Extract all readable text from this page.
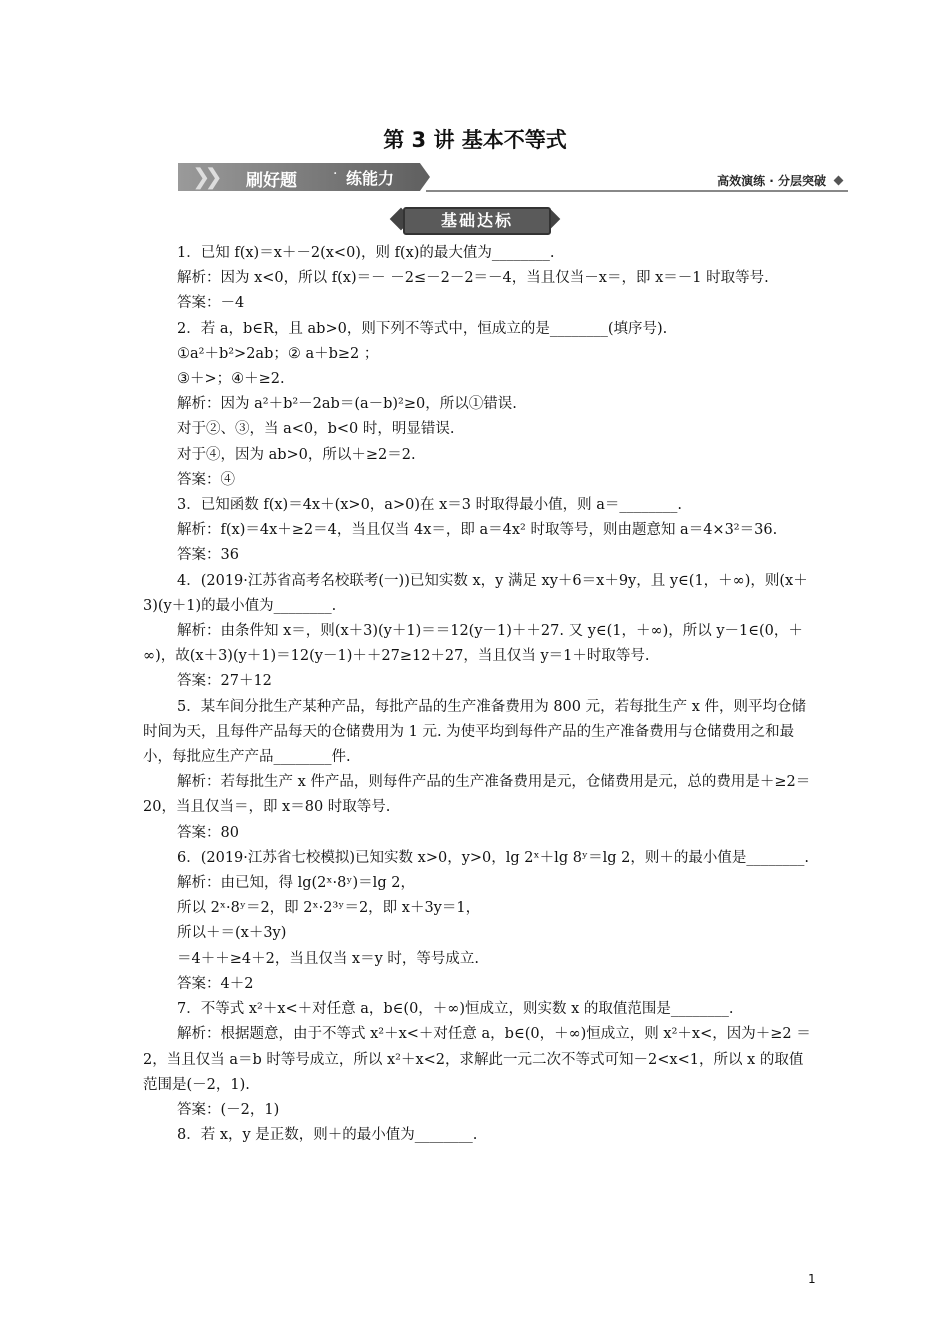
第 3 讲 基本不等式
❯❯ 刷好题	· 练能力	高效演练 · 分层突破
基础达标

1．已知 f(x)＝x＋－2(x<0)，则 f(x)的最大值为________.

解析：因为 x<0，所以 f(x)＝－ －2≤－2－2＝－4，当且仅当－x＝，即 x＝－1 时取等号.

答案：－4

2．若 a，b∈R，且 ab>0，则下列不等式中，恒成立的是________(填序号).

①a²＋b²>2ab；② a＋b≥2 ；

③＋>；④＋≥2.

解析：因为 a²＋b²－2ab＝(a－b)²≥0，所以①错误.

对于②、③，当 a<0，b<0 时，明显错误.

对于④，因为 ab>0，所以＋≥2＝2.

答案：④

3．已知函数 f(x)＝4x＋(x>0，a>0)在 x＝3 时取得最小值，则 a＝________.

解析：f(x)＝4x＋≥2＝4，当且仅当 4x＝，即 a＝4x² 时取等号，则由题意知 a＝4×3²＝36.

答案：36

4．(2019·江苏省高考名校联考(一))已知实数 x，y 满足 xy＋6＝x＋9y，且 y∈(1，＋∞)，则(x＋3)(y＋1)的最小值为________.

解析：由条件知 x＝，则(x＋3)(y＋1)＝＝12(y－1)＋＋27. 又 y∈(1，＋∞)，所以 y－1∈(0，＋∞)，故(x＋3)(y＋1)＝12(y－1)＋＋27≥12＋27，当且仅当 y＝1＋时取等号.

答案：27＋12

5．某车间分批生产某种产品，每批产品的生产准备费用为 800 元，若每批生产 x 件，则平均仓储时间为天，且每件产品每天的仓储费用为 1 元. 为使平均到每件产品的生产准备费用与仓储费用之和最小，每批应生产产品________件.

解析：若每批生产 x 件产品，则每件产品的生产准备费用是元，仓储费用是元，总的费用是＋≥2＝20，当且仅当＝，即 x＝80 时取等号.

答案：80

6．(2019·江苏省七校模拟)已知实数 x>0，y>0，lg 2ˣ＋lg 8ʸ＝lg 2，则＋的最小值是________.

解析：由已知，得 lg(2ˣ·8ʸ)＝lg 2，

所以 2ˣ·8ʸ＝2，即 2ˣ·2³ʸ＝2，即 x＋3y＝1，

所以＋＝(x＋3y)

＝4＋＋≥4＋2，当且仅当 x＝y 时，等号成立.

答案：4＋2

7．不等式 x²＋x<＋对任意 a，b∈(0，＋∞)恒成立，则实数 x 的取值范围是________.

解析：根据题意，由于不等式 x²＋x<＋对任意 a，b∈(0，＋∞)恒成立，则 x²＋x<，因为＋≥2 ＝2，当且仅当 a＝b 时等号成立，所以 x²＋x<2，求解此一元二次不等式可知－2<x<1，所以 x 的取值范围是(－2，1).

答案：(－2，1)

8．若 x，y 是正数，则＋的最小值为________.

1
